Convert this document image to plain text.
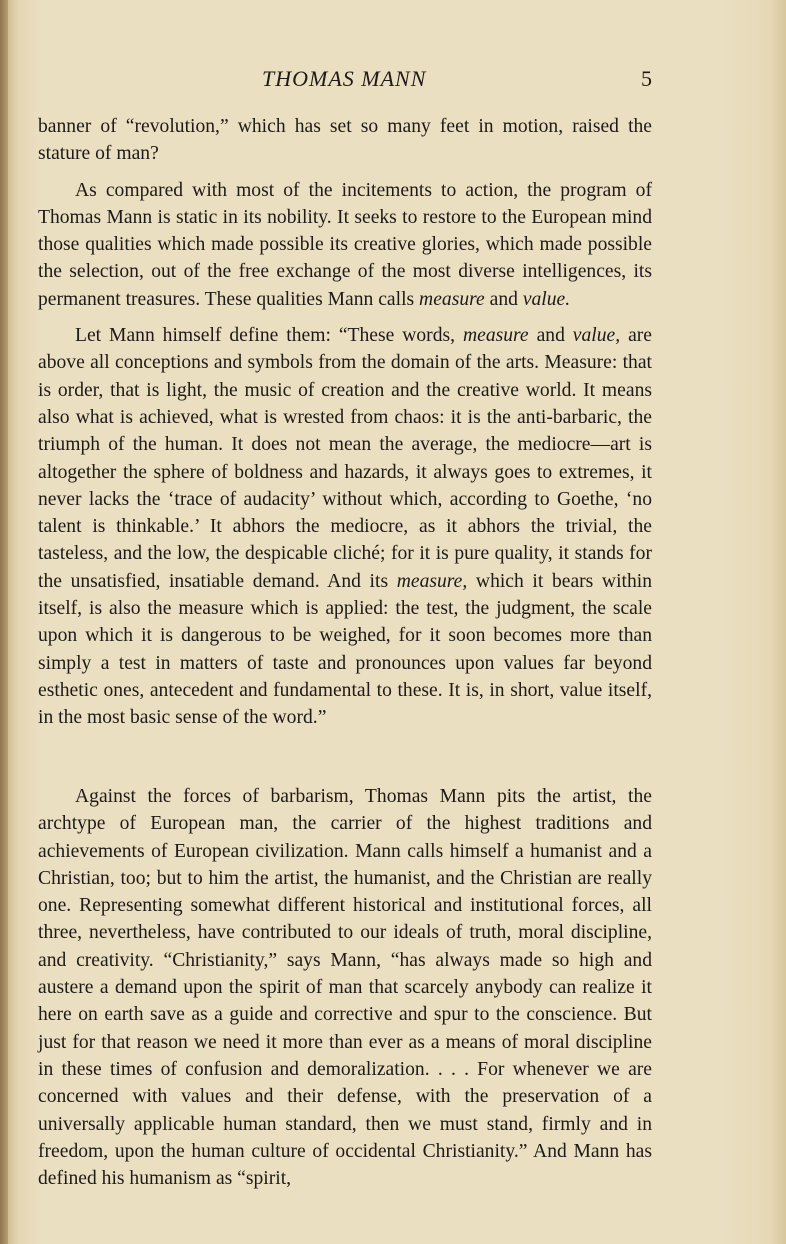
THOMAS MANN	5

banner of “revolution,” which has set so many feet in motion, raised the stature of man?

As compared with most of the incitements to action, the program of Thomas Mann is static in its nobility. It seeks to restore to the European mind those qualities which made possible its creative glories, which made possible the selection, out of the free exchange of the most diverse intelligences, its permanent treasures. These qualities Mann calls measure and value.

Let Mann himself define them: “These words, measure and value, are above all conceptions and symbols from the domain of the arts. Measure: that is order, that is light, the music of creation and the creative world. It means also what is achieved, what is wrested from chaos: it is the anti-barbaric, the triumph of the human. It does not mean the average, the mediocre—art is altogether the sphere of boldness and hazards, it always goes to extremes, it never lacks the ‘trace of audacity’ without which, according to Goethe, ‘no talent is thinkable.’ It abhors the mediocre, as it abhors the trivial, the tasteless, and the low, the despicable cliché; for it is pure quality, it stands for the unsatisfied, insatiable demand. And its measure, which it bears within itself, is also the measure which is applied: the test, the judgment, the scale upon which it is dangerous to be weighed, for it soon becomes more than simply a test in matters of taste and pronounces upon values far beyond esthetic ones, antecedent and fundamental to these. It is, in short, value itself, in the most basic sense of the word.”

Against the forces of barbarism, Thomas Mann pits the artist, the archtype of European man, the carrier of the highest traditions and achievements of European civilization. Mann calls himself a humanist and a Christian, too; but to him the artist, the humanist, and the Christian are really one. Representing somewhat different historical and institutional forces, all three, nevertheless, have contributed to our ideals of truth, moral discipline, and creativity. “Christianity,” says Mann, “has always made so high and austere a demand upon the spirit of man that scarcely anybody can realize it here on earth save as a guide and corrective and spur to the conscience. But just for that reason we need it more than ever as a means of moral discipline in these times of confusion and demoralization. . . . For whenever we are concerned with values and their defense, with the preservation of a universally applicable human standard, then we must stand, firmly and in freedom, upon the human culture of occidental Christianity.” And Mann has defined his humanism as “spirit,
